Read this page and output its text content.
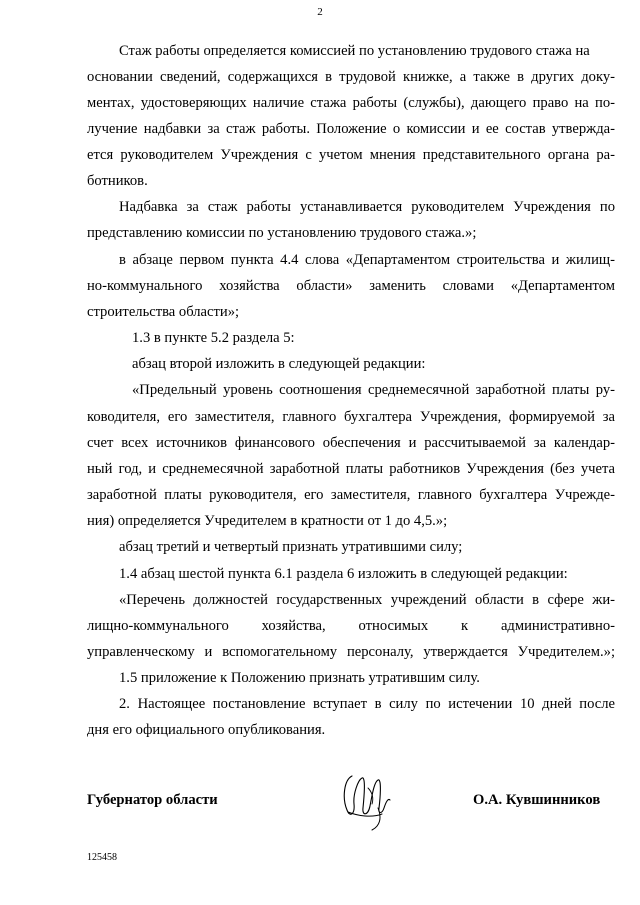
2
Стаж работы определяется комиссией по установлению трудового стажа на
основании сведений, содержащихся в трудовой книжке, а также в других доку-
ментах, удостоверяющих наличие стажа работы (службы), дающего право на по-
лучение надбавки за стаж работы. Положение о комиссии и ее состав утвержда-
ется руководителем Учреждения с учетом мнения представительного органа ра-
ботников.
Надбавка за стаж работы устанавливается руководителем Учреждения по
представлению комиссии по установлению трудового стажа.»;
в абзаце первом пункта 4.4 слова «Департаментом строительства и жилищ-
но-коммунального хозяйства области» заменить словами «Департаментом
строительства области»;
1.3 в пункте 5.2 раздела 5:
абзац второй изложить в следующей редакции:
«Предельный уровень соотношения среднемесячной заработной платы ру-
ководителя, его заместителя, главного бухгалтера Учреждения, формируемой за
счет всех источников финансового обеспечения и рассчитываемой за календар-
ный год, и среднемесячной заработной платы работников Учреждения (без учета
заработной платы руководителя, его заместителя, главного бухгалтера Учрежде-
ния) определяется Учредителем в кратности от 1 до 4,5.»;
абзац третий и четвертый признать утратившими силу;
1.4 абзац шестой пункта 6.1 раздела 6 изложить в следующей редакции:
«Перечень должностей государственных учреждений области в сфере жи-
лищно-коммунального хозяйства, относимых к административно-
управленческому и вспомогательному персоналу, утверждается Учредителем.»;
1.5 приложение к Положению признать утратившим силу.
2. Настоящее постановление вступает в силу по истечении 10 дней после
дня его официального опубликования.
Губернатор области	О.А. Кувшинников
125458
